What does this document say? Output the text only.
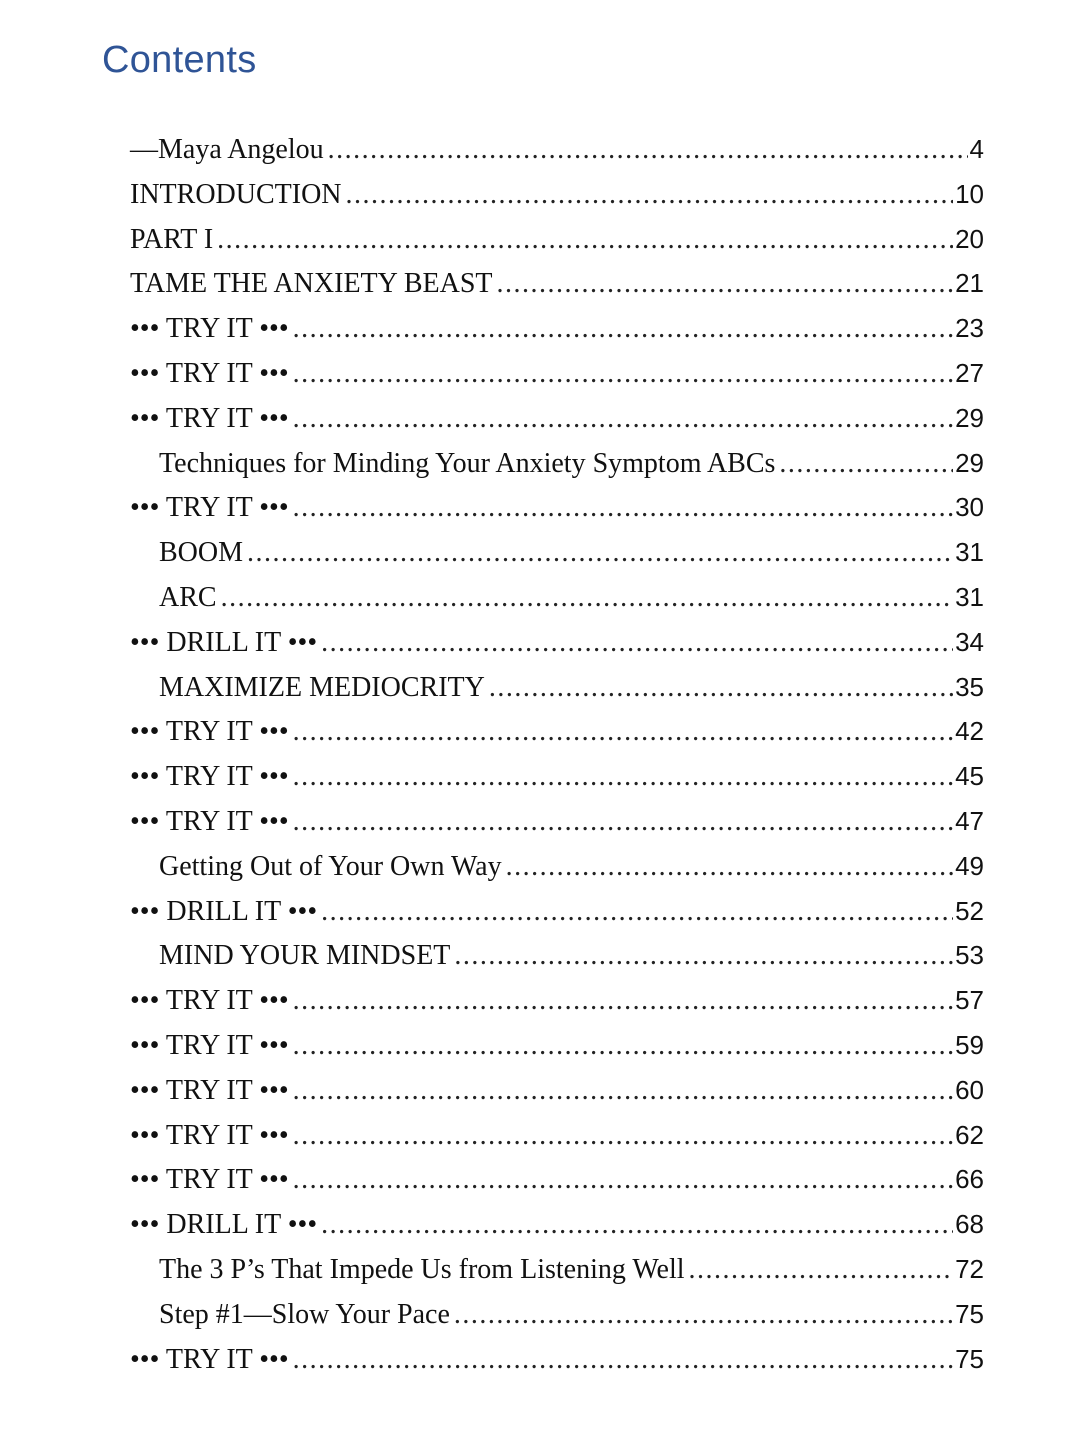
Contents
—Maya Angelou .....	4
INTRODUCTION .....	10
PART I .....	20
TAME THE ANXIETY BEAST .....	21
••• TRY IT ••• .....	23
••• TRY IT ••• .....	27
••• TRY IT ••• .....	29
Techniques for Minding Your Anxiety Symptom ABCs .....	29
••• TRY IT ••• .....	30
BOOM .....	31
ARC .....	31
••• DRILL IT ••• .....	34
MAXIMIZE MEDIOCRITY .....	35
••• TRY IT ••• .....	42
••• TRY IT ••• .....	45
••• TRY IT ••• .....	47
Getting Out of Your Own Way .....	49
••• DRILL IT ••• .....	52
MIND YOUR MINDSET .....	53
••• TRY IT ••• .....	57
••• TRY IT ••• .....	59
••• TRY IT ••• .....	60
••• TRY IT ••• .....	62
••• TRY IT ••• .....	66
••• DRILL IT ••• .....	68
The 3 P’s That Impede Us from Listening Well .....	72
Step #1—Slow Your Pace .....	75
••• TRY IT ••• .....	75
